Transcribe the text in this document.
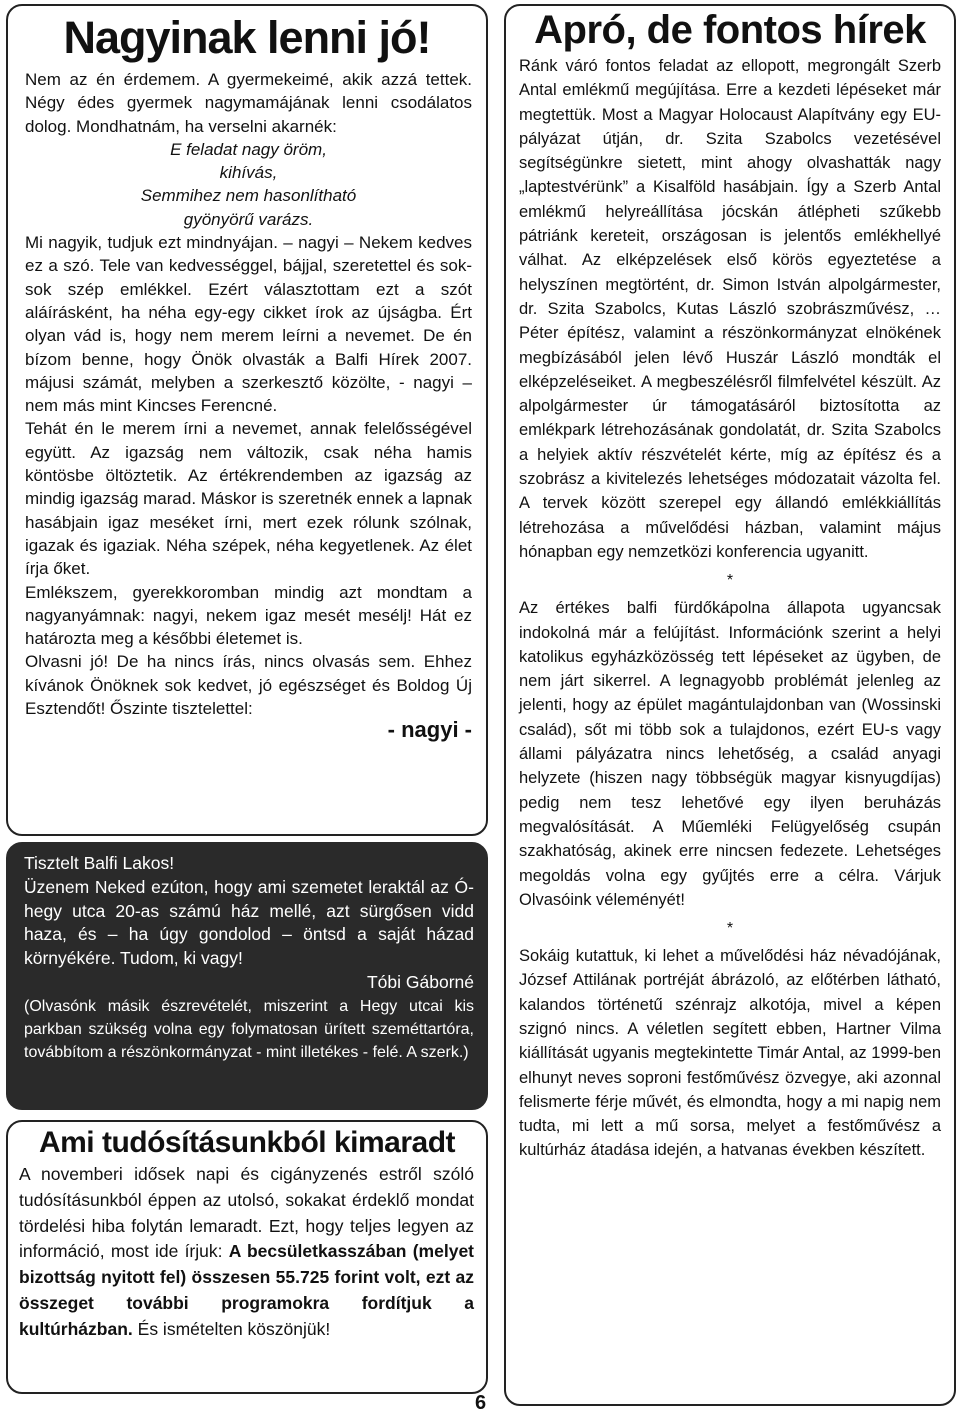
Nagyinak lenni jó!

Nem az én érdemem. A gyermekeimé, akik azzá tettek. Négy édes gyermek nagymamájának lenni csodálatos dolog. Mondhatnám, ha verselni akarnék:

E feladat nagy öröm,
kihívás,
Semmihez nem hasonlítható
gyönyörű varázs.

Mi nagyik, tudjuk ezt mindnyájan. – nagyi – Nekem kedves ez a szó. Tele van kedvességgel, bájjal, szeretettel és sok-sok szép emlékkel. Ezért választottam ezt a szót aláírásként, ha néha egy-egy cikket írok az újságba. Ért olyan vád is, hogy nem merem leírni a nevemet. De én bízom benne, hogy Önök olvasták a Balfi Hírek 2007. májusi számát, melyben a szerkesztő közölte, - nagyi – nem más mint Kincses Ferencné.

Tehát én le merem írni a nevemet, annak felelősségével együtt. Az igazság nem változik, csak néha hamis köntösbe öltöztetik. Az értékrendemben az igazság az mindig igazság marad. Máskor is szeretnék ennek a lapnak hasábjain igaz meséket írni, mert ezek rólunk szólnak, igazak és igaziak. Néha szépek, néha kegyetlenek. Az élet írja őket.

Emlékszem, gyerekkoromban mindig azt mondtam a nagyanyámnak: nagyi, nekem igaz mesét mesélj! Hát ez határozta meg a későbbi életemet is.

Olvasni jó! De ha nincs írás, nincs olvasás sem. Ehhez kívánok Önöknek sok kedvet, jó egészséget és Boldog Új Esztendőt! Őszinte tisztelettel:

- nagyi -

Tisztelt Balfi Lakos!

Üzenem Neked ezúton, hogy ami szemetet leraktál az Ó-hegy utca 20-as számú ház mellé, azt sürgősen vidd haza, és – ha úgy gondolod – öntsd a saját házad környékére. Tudom, ki vagy!

Tóbi Gáborné

(Olvasónk másik észrevételét, miszerint a Hegy utcai kis parkban szükség volna egy folymatosan ürített szeméttartóra, továbbítom a részönkormányzat - mint illetékes - felé. A szerk.)

Ami tudósításunkból kimaradt

A novemberi idősek napi és cigányzenés estről szóló tudósításunkból éppen az utolsó, sokakat érdeklő mondat tördelési hiba folytán lemaradt. Ezt, hogy teljes legyen az információ, most ide írjuk: A becsületkasszában (melyet bizottság nyitott fel) összesen 55.725 forint volt, ezt az összeget további programokra fordítjuk a kultúrházban. És ismételten köszönjük!

Apró, de fontos hírek

Ránk váró fontos feladat az ellopott, megrongált Szerb Antal emlékmű megújítása. Erre a kezdeti lépéseket már megtettük. Most a Magyar Holocaust Alapítvány egy EU-pályázat útján, dr. Szita Szabolcs vezetésével segítségünkre sietett, mint ahogy olvashatták nagy „laptestvérünk” a Kisalföld hasábjain. Így a Szerb Antal emlékmű helyreállítása jócskán átlépheti szűkebb pátriánk kereteit, országosan is jelentős emlékhellyé válhat. Az elképzelések első körös egyeztetése a helyszínen megtörtént, dr. Simon István alpolgármester, dr. Szita Szabolcs, Kutas László szobrászművész, …Péter építész, valamint a részönkormányzat elnökének megbízásából jelen lévő Huszár László mondták el elképzeléseiket. A megbeszélésről filmfelvétel készült. Az alpolgármester úr támogatásáról biztosította az emlékpark létrehozásának gondolatát, dr. Szita Szabolcs a helyiek aktív részvételét kérte, míg az építész és a szobrász a kivitelezés lehetséges módozatait vázolta fel. A tervek között szerepel egy állandó emlékkiállítás létrehozása a művelődési házban, valamint május hónapban egy nemzetközi konferencia ugyanitt.

*

Az értékes balfi fürdőkápolna állapota ugyancsak indokolná már a felújítást. Információnk szerint a helyi katolikus egyházközösség tett lépéseket az ügyben, de nem járt sikerrel. A legnagyobb problémát jelenleg az jelenti, hogy az épület magántulajdonban van (Wossinski család), sőt mi több sok a tulajdonos, ezért EU-s vagy állami pályázatra nincs lehetőség, a család anyagi helyzete (hiszen nagy többségük magyar kisnyugdíjas) pedig nem tesz lehetővé egy ilyen beruházás megvalósítását. A Műemléki Felügyelőség csupán szakhatóság, akinek erre nincsen fedezete. Lehetséges megoldás volna egy gyűjtés erre a célra. Várjuk Olvasóink véleményét!

*

Sokáig kutattuk, ki lehet a művelődési ház névadójának, József Attilának portréját ábrázoló, az előtérben látható, kalandos történetű szénrajz alkotója, mivel a képen szignó nincs. A véletlen segített ebben, Hartner Vilma kiállítását ugyanis megtekintette Timár Antal, az 1999-ben elhunyt neves soproni festőművész özvegye, aki azonnal felismerte férje művét, és elmondta, hogy a mi napig nem tudta, mi lett a mű sorsa, melyet a festőművész a kultúrház átadása idején, a hatvanas években készített.

6
